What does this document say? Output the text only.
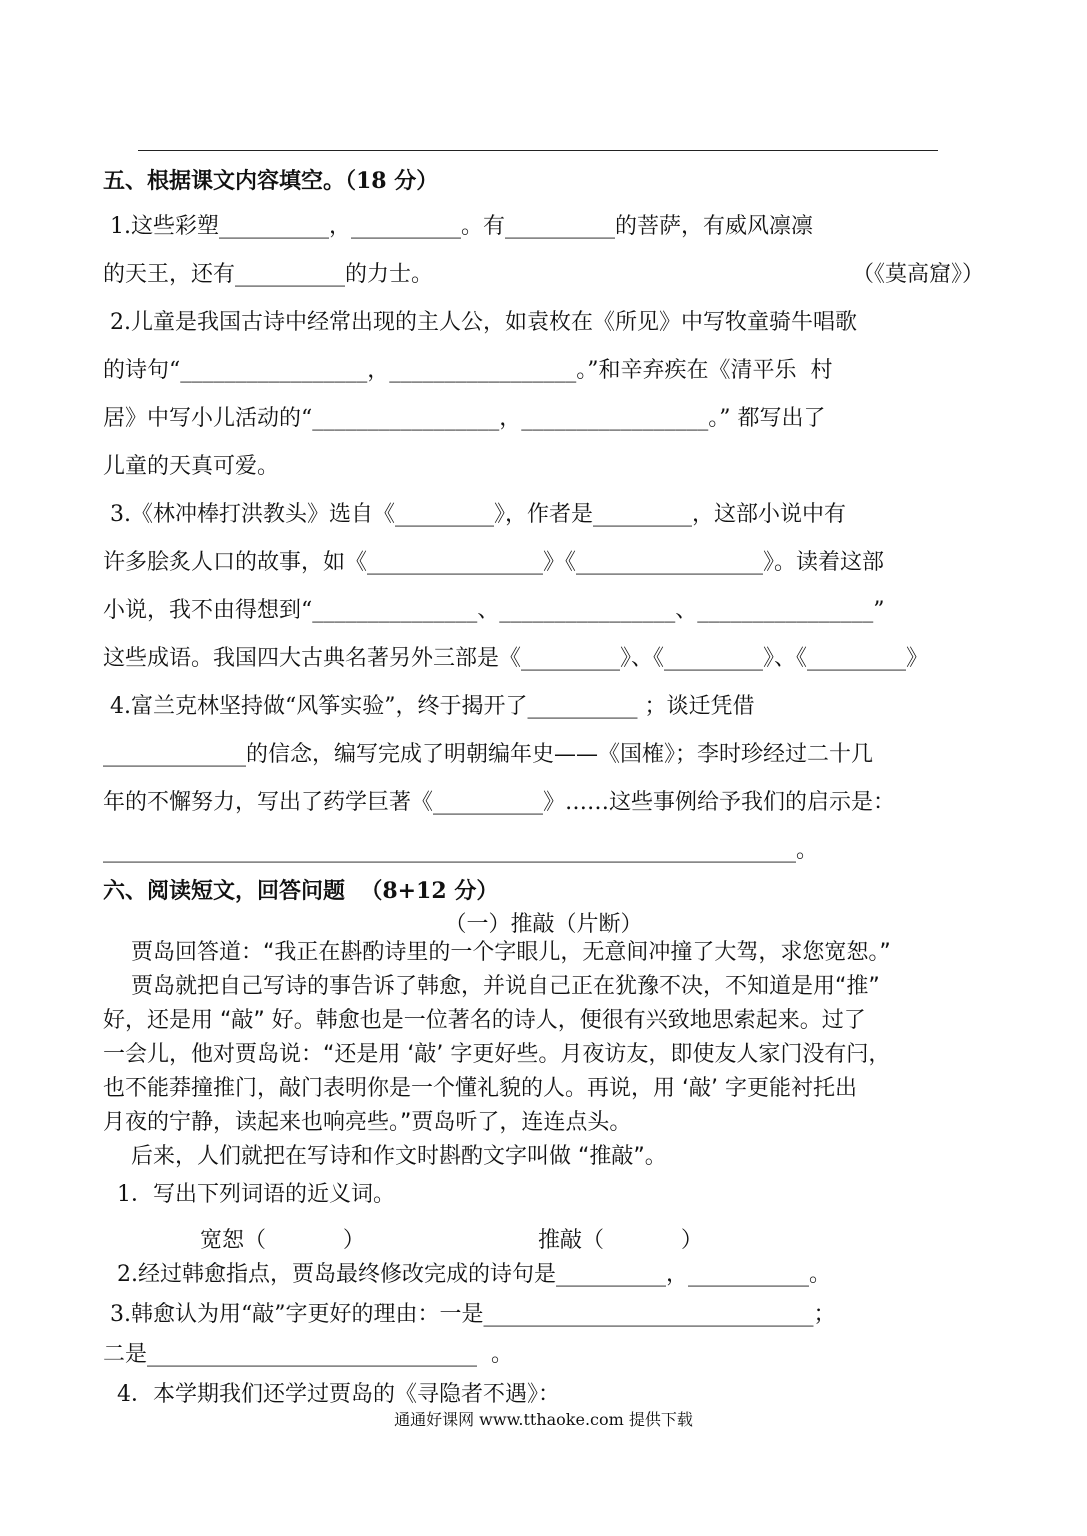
五、根据课文内容填空。（18 分）
1.这些彩塑__________，__________。有__________的菩萨，有威风凛凛
的天王，还有__________的力士。	（《莫高窟》）
2.儿童是我国古诗中经常出现的主人公，如袁枚在《所见》中写牧童骑牛唱歌
的诗句“_________________，_________________。”和辛弃疾在《清平乐  村
居》中写小儿活动的“_________________，_________________。” 都写出了
儿童的天真可爱。
3.《林冲棒打洪教头》选自《_________》，作者是_________，这部小说中有
许多脍炙人口的故事，如《________________》《_________________》。读着这部
小说，我不由得想到“_______________、________________、________________”
这些成语。我国四大古典名著另外三部是《_________》、《_________》、《_________》
4.富兰克林坚持做“风筝实验”，终于揭开了__________ ；谈迁凭借
_____________的信念，编写完成了明朝编年史——《国榷》；李时珍经过二十几
年的不懈努力，写出了药学巨著《__________》……这些事例给予我们的启示是：
_______________________________________________________________。
六、阅读短文，回答问题  （8+12 分）
（一）推敲（片断）
贾岛回答道：“我正在斟酌诗里的一个字眼儿，无意间冲撞了大驾，求您宽恕。”
贾岛就把自己写诗的事告诉了韩愈，并说自己正在犹豫不决，不知道是用“推”
好，还是用 “敲” 好。韩愈也是一位著名的诗人，便很有兴致地思索起来。过了
一会儿，他对贾岛说：“还是用 ‘敲’ 字更好些。月夜访友，即使友人家门没有闩，
也不能莽撞推门，敲门表明你是一个懂礼貌的人。再说，用 ‘敲’ 字更能衬托出
月夜的宁静，读起来也响亮些。”贾岛听了，连连点头。
后来，人们就把在写诗和作文时斟酌文字叫做 “推敲”。
1．写出下列词语的近义词。
宽恕（           ）	推敲（           ）
2.经过韩愈指点，贾岛最终修改完成的诗句是__________，___________。
3.韩愈认为用“敲”字更好的理由：一是______________________________；
二是______________________________  。
4．本学期我们还学过贾岛的《寻隐者不遇》：
通通好课网 www.tthaoke.com 提供下载
